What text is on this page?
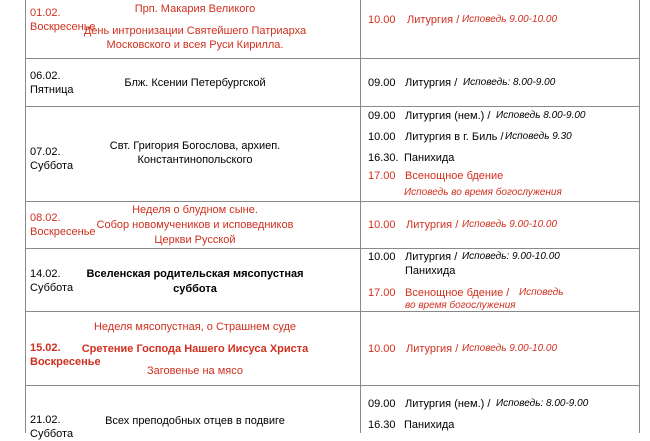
01.02.
Воскресенье
Прп. Макария Великого
День интронизации Святейшего Патриарха
Московского и всея Руси Кирилла.
10.00 Литургия / Исповедь 9.00-10.00
06.02.
Пятница
Блж. Ксении Петербургской	09.00 Литургия / Исповедь: 8.00-9.00
07.02.
Суббота
Свт. Григория Богослова, архиеп.
Константинопольского
09.00 Литургия (нем.) / Исповедь 8.00-9.00
10.00 Литургия в г. Биль / Исповедь 9.30
16.30. Панихида
17.00 Всенощное бдение
Исповедь во время богослужения
08.02.
Воскресенье
Неделя о блудном сыне.
Собор новомучеников и исповедников
Церкви Русской
10.00 Литургия / Исповедь 9.00-10.00
14.02.
Суббота
Вселенская родительская мясопустная
суббота
10.00 Литургия / Исповедь: 9.00-10.00
Панихида
17.00 Всенощное бдение / Исповедь
во время богослужения
15.02.
Воскресенье
Неделя мясопустная, о Страшнем суде
Сретение Господа Нашего Иисуса Христа
Заговенье на мясо
10.00 Литургия / Исповедь 9.00-10.00
21.02.
Суббота
Всех преподобных отцев в подвиге
09.00 Литургия (нем.) / Исповедь: 8.00-9.00
16.30 Панихида
